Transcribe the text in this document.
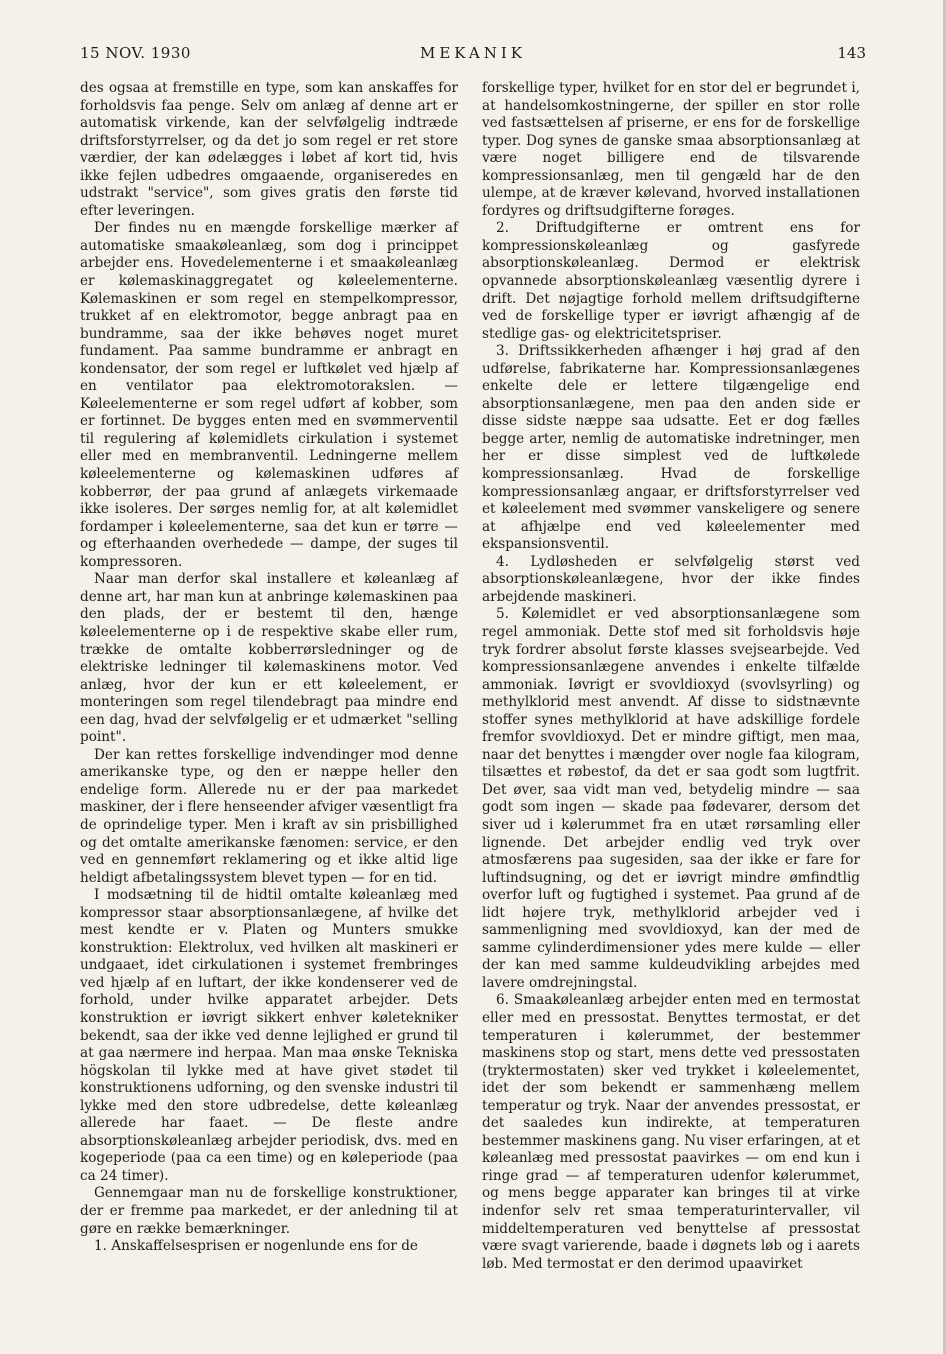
15 NOV. 1930	MEKANIK	143

des ogsaa at fremstille en type, som kan anskaffes for forholdsvis faa penge. Selv om anlæg af denne art er automatisk virkende, kan der selvfølgelig indtræde driftsforstyrrelser, og da det jo som regel er ret store værdier, der kan ødelægges i løbet af kort tid, hvis ikke fejlen udbedres omgaaende, organiseredes en udstrakt "service", som gives gratis den første tid efter leveringen.

Der findes nu en mængde forskellige mærker af automatiske smaakøleanlæg, som dog i princippet arbejder ens. Hovedelementerne i et smaakøleanlæg er kølemaskinaggregatet og køleelementerne. Kølemaskinen er som regel en stempelkompressor, trukket af en elektromotor, begge anbragt paa en bundramme, saa der ikke behøves noget muret fundament. Paa samme bundramme er anbragt en kondensator, der som regel er luftkølet ved hjælp af en ventilator paa elektromotorakslen. — Køleelementerne er som regel udført af kobber, som er fortinnet. De bygges enten med en svømmerventil til regulering af kølemidlets cirkulation i systemet eller med en membranventil. Ledningerne mellem køleelementerne og kølemaskinen udføres af kobberrør, der paa grund af anlægets virkemaade ikke isoleres. Der sørges nemlig for, at alt kølemidlet fordamper i køleelementerne, saa det kun er tørre — og efterhaanden overhedede — dampe, der suges til kompressoren.

Naar man derfor skal installere et køleanlæg af denne art, har man kun at anbringe kølemaskinen paa den plads, der er bestemt til den, hænge køleelementerne op i de respektive skabe eller rum, trække de omtalte kobberrørsledninger og de elektriske ledninger til kølemaskinens motor. Ved anlæg, hvor der kun er ett køleelement, er monteringen som regel tilendebragt paa mindre end een dag, hvad der selvfølgelig er et udmærket "selling point".

Der kan rettes forskellige indvendinger mod denne amerikanske type, og den er næppe heller den endelige form. Allerede nu er der paa markedet maskiner, der i flere henseender afviger væsentligt fra de oprindelige typer. Men i kraft av sin prisbillighed og det omtalte amerikanske fænomen: service, er den ved en gennemført reklamering og et ikke altid lige heldigt afbetalingssystem blevet typen — for en tid.

I modsætning til de hidtil omtalte køleanlæg med kompressor staar absorptionsanlægene, af hvilke det mest kendte er v. Platen og Munters smukke konstruktion: Elektrolux, ved hvilken alt maskineri er undgaaet, idet cirkulationen i systemet frembringes ved hjælp af en luftart, der ikke kondenserer ved de forhold, under hvilke apparatet arbejder. Dets konstruktion er iøvrigt sikkert enhver køletekniker bekendt, saa der ikke ved denne lejlighed er grund til at gaa nærmere ind herpaa. Man maa ønske Tekniska högskolan til lykke med at have givet stødet til konstruktionens udforning, og den svenske industri til lykke med den store udbredelse, dette køleanlæg allerede har faaet. — De fleste andre absorptionskøleanlæg arbejder periodisk, dvs. med en kogeperiode (paa ca een time) og en køleperiode (paa ca 24 timer).

Gennemgaar man nu de forskellige konstruktioner, der er fremme paa markedet, er der anledning til at gøre en række bemærkninger.

1. Anskaffelsesprisen er nogenlunde ens for de

forskellige typer, hvilket for en stor del er begrundet i, at handelsomkostningerne, der spiller en stor rolle ved fastsættelsen af priserne, er ens for de forskellige typer. Dog synes de ganske smaa absorptionsanlæg at være noget billigere end de tilsvarende kompressionsanlæg, men til gengæld har de den ulempe, at de kræver kølevand, hvorved installationen fordyres og driftsudgifterne forøges.

2. Driftudgifterne er omtrent ens for kompressionskøleanlæg og gasfyrede absorptionskøleanlæg. Dermod er elektrisk opvannede absorptionskøleanlæg væsentlig dyrere i drift. Det nøjagtige forhold mellem driftsudgifterne ved de forskellige typer er iøvrigt afhængig af de stedlige gas- og elektricitetspriser.

3. Driftssikkerheden afhænger i høj grad af den udførelse, fabrikaterne har. Kompressionsanlægenes enkelte dele er lettere tilgængelige end absorptionsanlægene, men paa den anden side er disse sidste næppe saa udsatte. Eet er dog fælles begge arter, nemlig de automatiske indretninger, men her er disse simplest ved de luftkølede kompressionsanlæg. Hvad de forskellige kompressionsanlæg angaar, er driftsforstyrrelser ved et køleelement med svømmer vanskeligere og senere at afhjælpe end ved køleelementer med ekspansionsventil.

4. Lydløsheden er selvfølgelig størst ved absorptionskøleanlægene, hvor der ikke findes arbejdende maskineri.

5. Kølemidlet er ved absorptionsanlægene som regel ammoniak. Dette stof med sit forholdsvis høje tryk fordrer absolut første klasses svejsearbejde. Ved kompressionsanlægene anvendes i enkelte tilfælde ammoniak. Iøvrigt er svovldioxyd (svovlsyrling) og methylklorid mest anvendt. Af disse to sidstnævnte stoffer synes methylklorid at have adskillige fordele fremfor svovldioxyd. Det er mindre giftigt, men maa, naar det benyttes i mængder over nogle faa kilogram, tilsættes et røbestof, da det er saa godt som lugtfrit. Det øver, saa vidt man ved, betydelig mindre — saa godt som ingen — skade paa fødevarer, dersom det siver ud i kølerummet fra en utæt rørsamling eller lignende. Det arbejder endlig ved tryk over atmosfærens paa sugesiden, saa der ikke er fare for luftindsugning, og det er iøvrigt mindre ømfindtlig overfor luft og fugtighed i systemet. Paa grund af de lidt højere tryk, methylklorid arbejder ved i sammenligning med svovldioxyd, kan der med de samme cylinderdimensioner ydes mere kulde — eller der kan med samme kuldeudvikling arbejdes med lavere omdrejningstal.

6. Smaakøleanlæg arbejder enten med en termostat eller med en pressostat. Benyttes termostat, er det temperaturen i kølerummet, der bestemmer maskinens stop og start, mens dette ved pressostaten (tryktermostaten) sker ved trykket i køleelementet, idet der som bekendt er sammenhæng mellem temperatur og tryk. Naar der anvendes pressostat, er det saaledes kun indirekte, at temperaturen bestemmer maskinens gang. Nu viser erfaringen, at et køleanlæg med pressostat paavirkes — om end kun i ringe grad — af temperaturen udenfor kølerummet, og mens begge apparater kan bringes til at virke indenfor selv ret smaa temperaturintervaller, vil middeltemperaturen ved benyttelse af pressostat være svagt varierende, baade i døgnets løb og i aarets løb. Med termostat er den derimod upaavirket
